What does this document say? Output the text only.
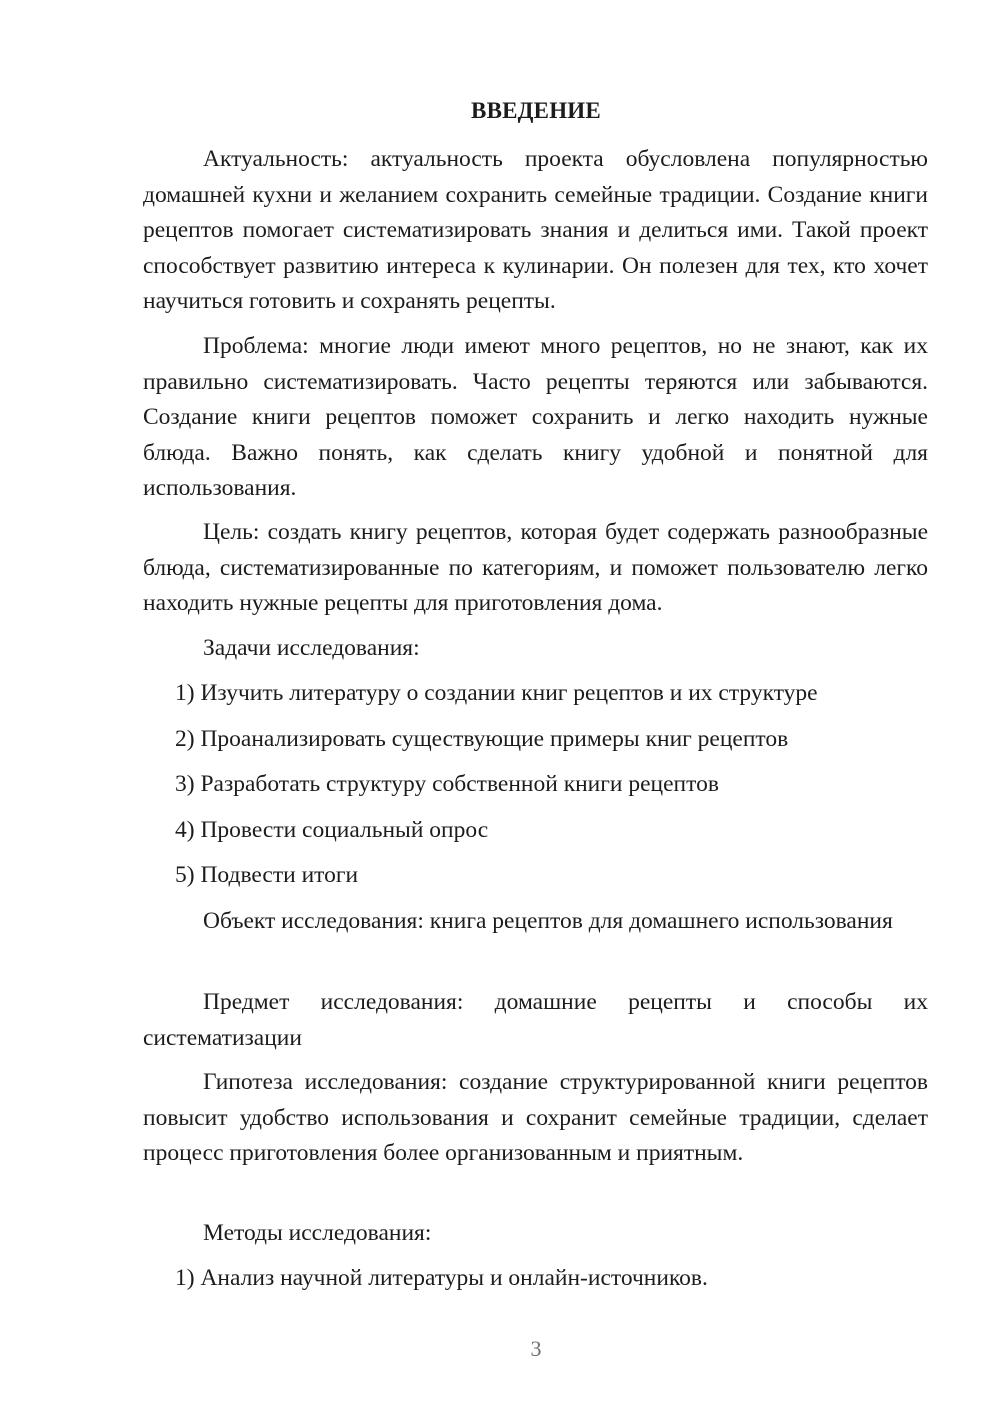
ВВЕДЕНИЕ

Актуальность: актуальность проекта обусловлена популярностью домашней кухни и желанием сохранить семейные традиции. Создание книги рецептов помогает систематизировать знания и делиться ими. Такой проект способствует развитию интереса к кулинарии. Он полезен для тех, кто хочет научиться готовить и сохранять рецепты.

Проблема: многие люди имеют много рецептов, но не знают, как их правильно систематизировать. Часто рецепты теряются или забываются. Создание книги рецептов поможет сохранить и легко находить нужные блюда. Важно понять, как сделать книгу удобной и понятной для использования.

Цель: создать книгу рецептов, которая будет содержать разнообразные блюда, систематизированные по категориям, и поможет пользователю легко находить нужные рецепты для приготовления дома.

Задачи исследования:
1) Изучить литературу о создании книг рецептов и их структуре
2) Проанализировать существующие примеры книг рецептов
3) Разработать структуру собственной книги рецептов
4) Провести социальный опрос
5) Подвести итоги

Объект исследования: книга рецептов для домашнего использования

Предмет исследования: домашние рецепты и способы их систематизации

Гипотеза исследования: создание структурированной книги рецептов повысит удобство использования и сохранит семейные традиции, сделает процесс приготовления более организованным и приятным.

Методы исследования:
1) Анализ научной литературы и онлайн-источников.
3
